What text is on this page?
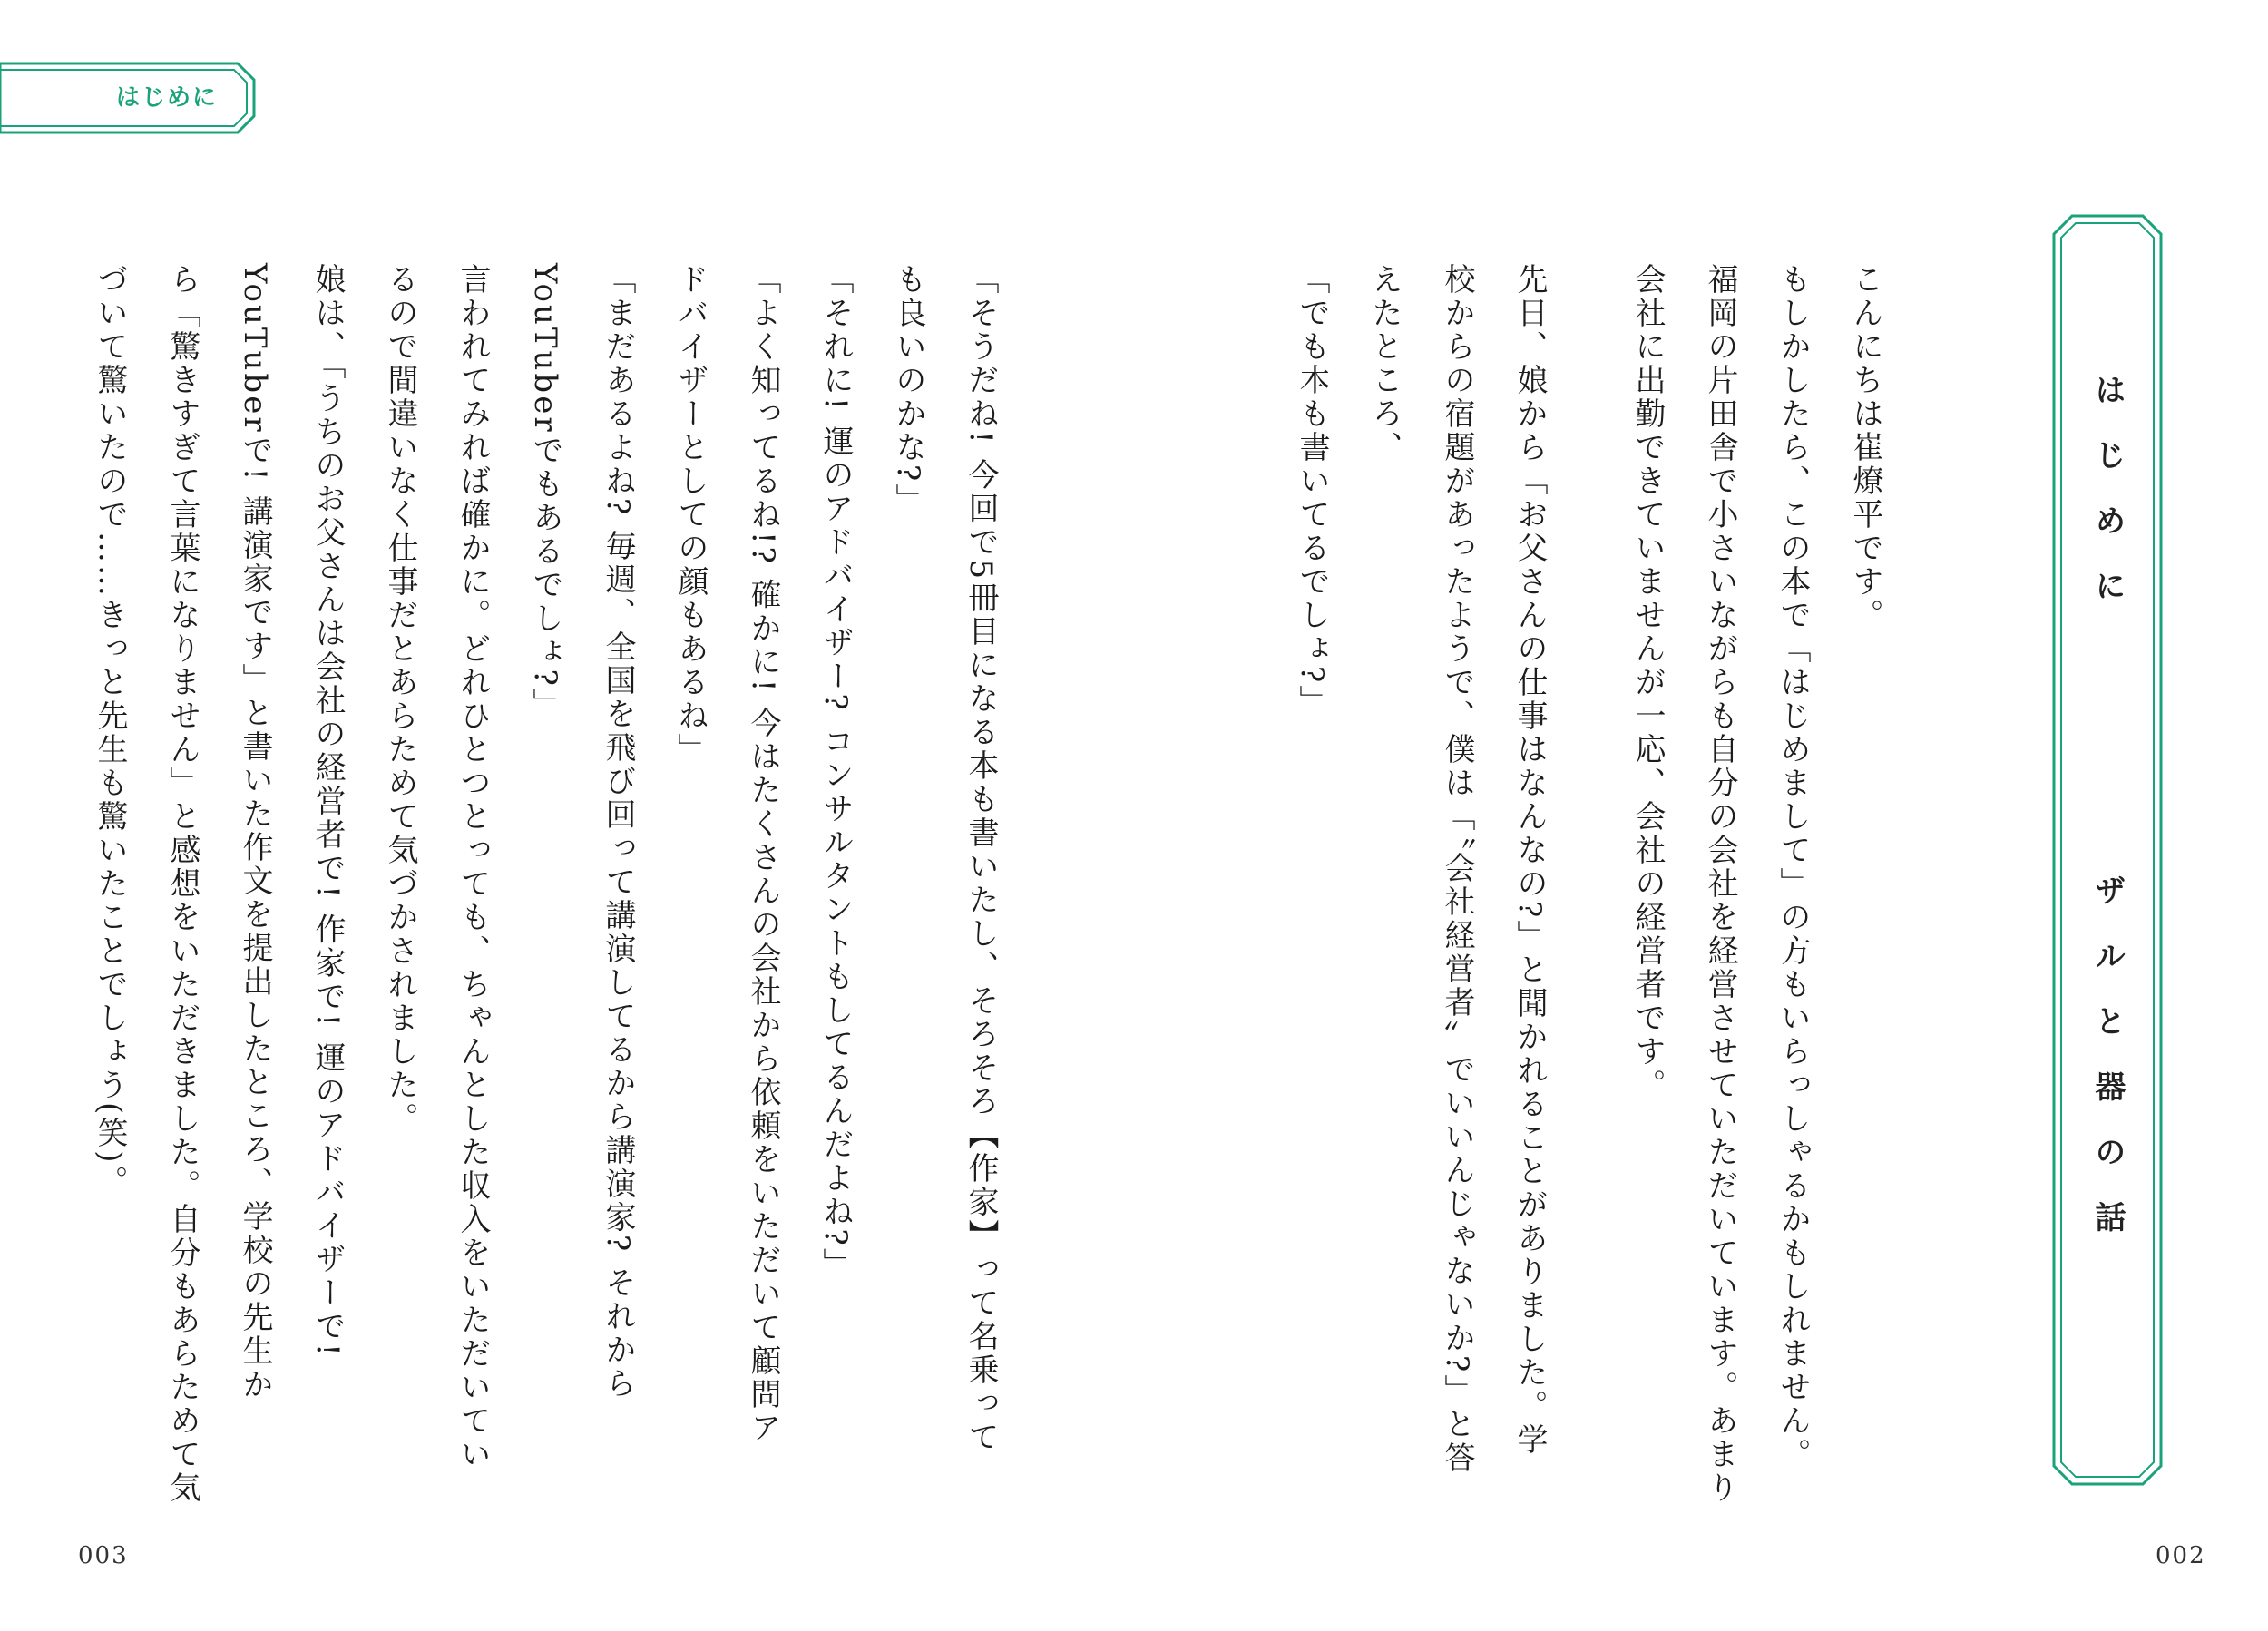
はじめに
はじめに
ザルと器の話
こんにちは崔燎平です。
もしかしたら、この本で「はじめまして」の方もいらっしゃるかもしれません。
福岡の片田舎で小さいながらも自分の会社を経営させていただいています。あまり
会社に出勤できていませんが一応、会社の経営者です。
先日、娘から「お父さんの仕事はなんなの?」と聞かれることがありました。学
校からの宿題があったようで、僕は「〝会社経営者〟でいいんじゃないか?」と答
えたところ、
「でも本も書いてるでしょ?」
「そうだね! 今回で5冊目になる本も書いたし、そろそろ【作家】って名乗って
も良いのかな?」
「それに! 運のアドバイザー? コンサルタントもしてるんだよね?」
「よく知ってるね!? 確かに! 今はたくさんの会社から依頼をいただいて顧問ア
ドバイザーとしての顔もあるね」
「まだあるよね? 毎週、全国を飛び回って講演してるから講演家? それから
YouTuberでもあるでしょ?」
言われてみれば確かに。どれひとつとっても、ちゃんとした収入をいただいてい
るので間違いなく仕事だとあらためて気づかされました。
娘は、「うちのお父さんは会社の経営者で! 作家で! 運のアドバイザーで!
YouTuberで! 講演家です」と書いた作文を提出したところ、学校の先生か
ら「驚きすぎて言葉になりません」と感想をいただきました。自分もあらためて気
づいて驚いたので……きっと先生も驚いたことでしょう(笑)。
003	002
